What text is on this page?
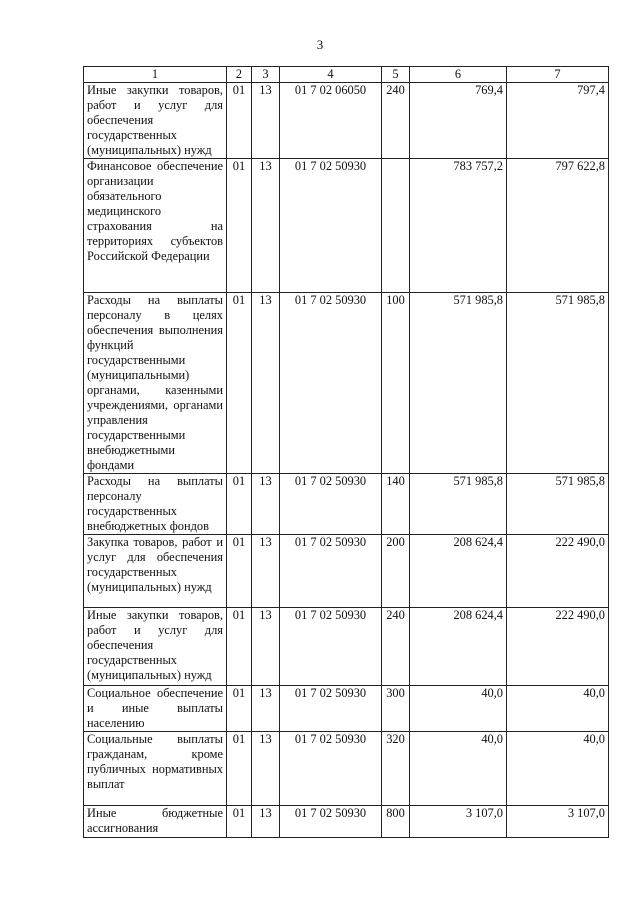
3
1	2	3	4	5	6	7
Иные закупки товаров, работ и услуг для обеспечения государственных (муниципальных) нужд	01	13	01 7 02 06050	240	769,4	797,4
Финансовое обеспечение организации обязательного медицинского страхования на территориях субъектов Российской Федерации	01	13	01 7 02 50930		783 757,2	797 622,8
Расходы на выплаты персоналу в целях обеспечения выполнения функций государственными (муниципальными) органами, казенными учреждениями, органами управления государственными внебюджетными фондами	01	13	01 7 02 50930	100	571 985,8	571 985,8
Расходы на выплаты персоналу государственных внебюджетных фондов	01	13	01 7 02 50930	140	571 985,8	571 985,8
Закупка товаров, работ и услуг для обеспечения государственных (муниципальных) нужд	01	13	01 7 02 50930	200	208 624,4	222 490,0
Иные закупки товаров, работ и услуг для обеспечения государственных (муниципальных) нужд	01	13	01 7 02 50930	240	208 624,4	222 490,0
Социальное обеспечение и иные выплаты населению	01	13	01 7 02 50930	300	40,0	40,0
Социальные выплаты гражданам, кроме публичных нормативных выплат	01	13	01 7 02 50930	320	40,0	40,0
Иные бюджетные ассигнования	01	13	01 7 02 50930	800	3 107,0	3 107,0
